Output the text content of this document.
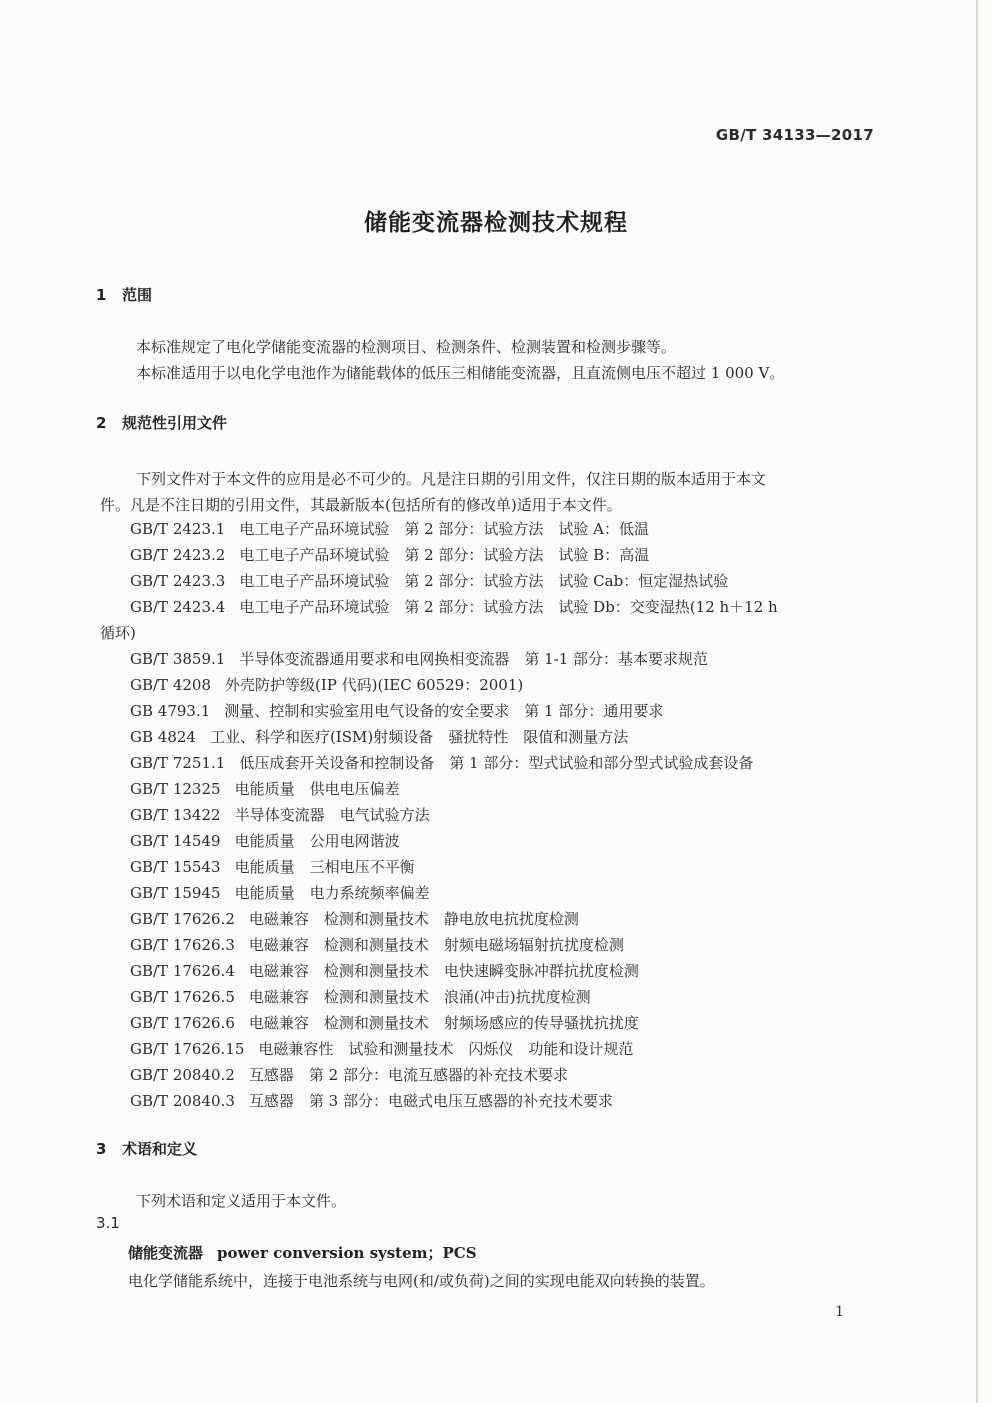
GB/T 34133—2017
储能变流器检测技术规程
1 范围
本标准规定了电化学储能变流器的检测项目、检测条件、检测装置和检测步骤等。
本标准适用于以电化学电池作为储能载体的低压三相储能变流器，且直流侧电压不超过 1 000 V。
2 规范性引用文件
下列文件对于本文件的应用是必不可少的。凡是注日期的引用文件，仅注日期的版本适用于本文
件。凡是不注日期的引用文件，其最新版本(包括所有的修改单)适用于本文件。
GB/T 2423.1 电工电子产品环境试验　第 2 部分：试验方法　试验 A：低温
GB/T 2423.2 电工电子产品环境试验　第 2 部分：试验方法　试验 B：高温
GB/T 2423.3 电工电子产品环境试验　第 2 部分：试验方法　试验 Cab：恒定湿热试验
GB/T 2423.4 电工电子产品环境试验　第 2 部分：试验方法　试验 Db：交变湿热(12 h＋12 h
循环)
GB/T 3859.1 半导体变流器通用要求和电网换相变流器　第 1-1 部分：基本要求规范
GB/T 4208 外壳防护等级(IP 代码)(IEC 60529：2001)
GB 4793.1 测量、控制和实验室用电气设备的安全要求　第 1 部分：通用要求
GB 4824 工业、科学和医疗(ISM)射频设备　骚扰特性　限值和测量方法
GB/T 7251.1 低压成套开关设备和控制设备　第 1 部分：型式试验和部分型式试验成套设备
GB/T 12325 电能质量　供电电压偏差
GB/T 13422 半导体变流器　电气试验方法
GB/T 14549 电能质量　公用电网谐波
GB/T 15543 电能质量　三相电压不平衡
GB/T 15945 电能质量　电力系统频率偏差
GB/T 17626.2 电磁兼容　检测和测量技术　静电放电抗扰度检测
GB/T 17626.3 电磁兼容　检测和测量技术　射频电磁场辐射抗扰度检测
GB/T 17626.4 电磁兼容　检测和测量技术　电快速瞬变脉冲群抗扰度检测
GB/T 17626.5 电磁兼容　检测和测量技术　浪涌(冲击)抗扰度检测
GB/T 17626.6 电磁兼容　检测和测量技术　射频场感应的传导骚扰抗扰度
GB/T 17626.15 电磁兼容性　试验和测量技术　闪烁仪　功能和设计规范
GB/T 20840.2 互感器　第 2 部分：电流互感器的补充技术要求
GB/T 20840.3 互感器　第 3 部分：电磁式电压互感器的补充技术要求
3 术语和定义
下列术语和定义适用于本文件。
3.1
储能变流器 power conversion system；PCS
电化学储能系统中，连接于电池系统与电网(和/或负荷)之间的实现电能双向转换的装置。
1
